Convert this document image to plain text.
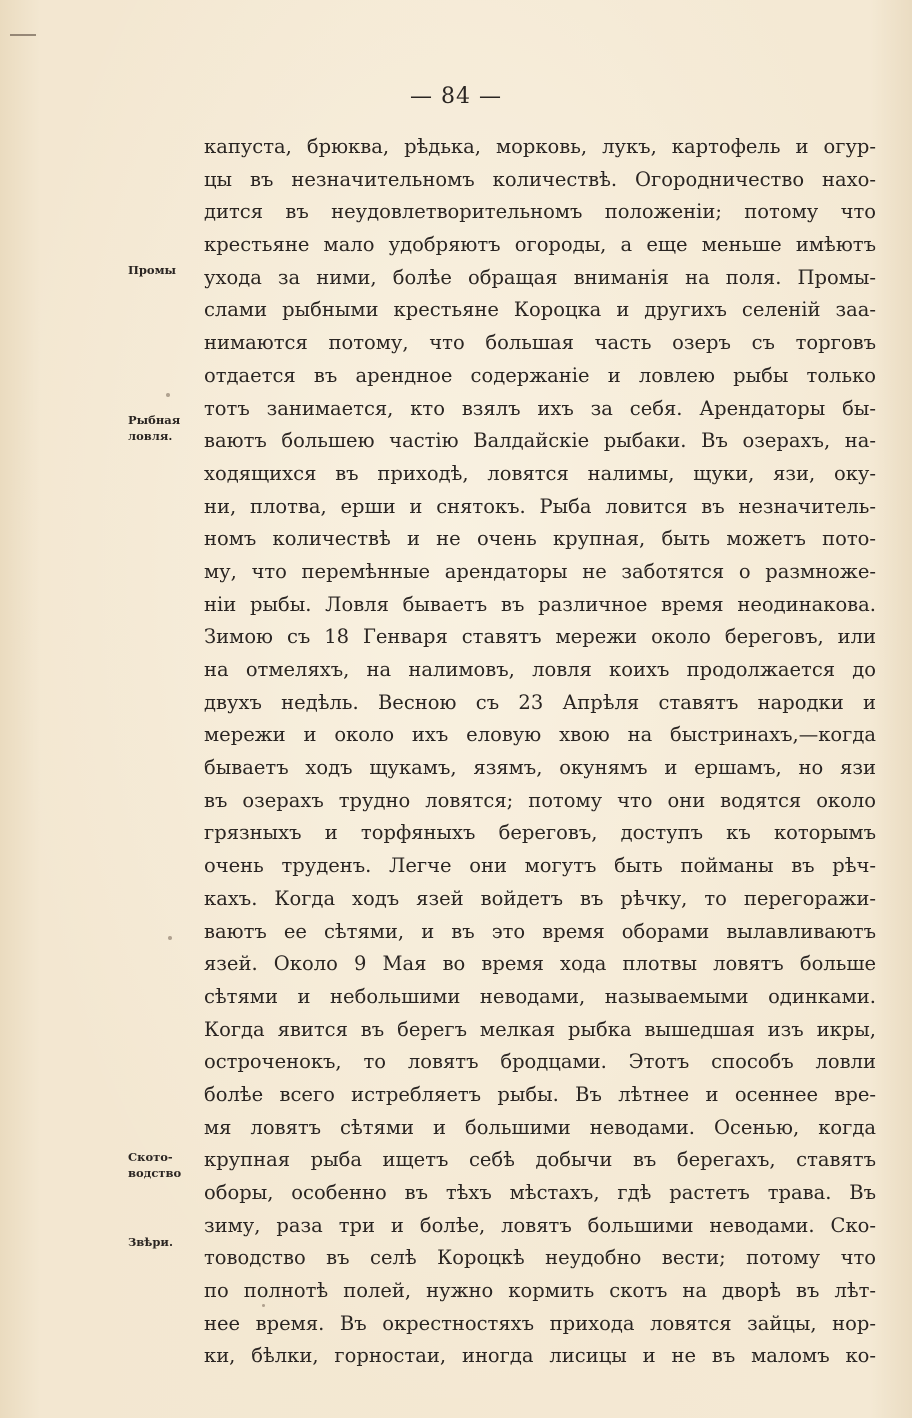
— 84 —
капуста, брюква, рѣдька, морковь, лукъ, картофель и огур-
цы въ незначительномъ количествѣ. Огородничество нахо-
дится въ неудовлетворительномъ положеніи; потому что
крестьяне мало удобряютъ огороды, а еще меньше имѣютъ
ухода за ними, болѣе обращая вниманія на поля. Промы-
слами рыбными крестьяне Короцка и другихъ селеній заа-
нимаются потому, что большая часть озеръ съ торговъ
отдается въ арендное содержаніе и ловлею рыбы только
тотъ занимается, кто взялъ ихъ за себя. Арендаторы бы-
ваютъ большею частію Валдайскіе рыбаки. Въ озерахъ, на-
ходящихся въ приходѣ, ловятся налимы, щуки, язи, оку-
ни, плотва, ерши и снятокъ. Рыба ловится въ незначитель-
номъ количествѣ и не очень крупная, быть можетъ пото-
му, что перемѣнные арендаторы не заботятся о размноже-
ніи рыбы. Ловля бываетъ въ различное время неодинакова.
Зимою съ 18 Генваря ставятъ мережи около береговъ, или
на отмеляхъ, на налимовъ, ловля коихъ продолжается до
двухъ недѣль. Весною съ 23 Апрѣля ставятъ народки и
мережи и около ихъ еловую хвою на быстринахъ,—когда
бываетъ ходъ щукамъ, язямъ, окунямъ и ершамъ, но язи
въ озерахъ трудно ловятся; потому что они водятся около
грязныхъ и торфяныхъ береговъ, доступъ къ которымъ
очень труденъ. Легче они могутъ быть пойманы въ рѣч-
кахъ. Когда ходъ язей войдетъ въ рѣчку, то перегоражи-
ваютъ ее сѣтями, и въ это время оборами вылавливаютъ
язей. Около 9 Мая во время хода плотвы ловятъ больше
сѣтями и небольшими неводами, называемыми одинками.
Когда явится въ берегъ мелкая рыбка вышедшая изъ икры,
остроченокъ, то ловятъ бродцами. Этотъ способъ ловли
болѣе всего истребляетъ рыбы. Въ лѣтнее и осеннее вре-
мя ловятъ сѣтями и большими неводами. Осенью, когда
крупная рыба ищетъ себѣ добычи въ берегахъ, ставятъ
оборы, особенно въ тѣхъ мѣстахъ, гдѣ растетъ трава. Въ
зиму, раза три и болѣе, ловятъ большими неводами. Ско-
товодство въ селѣ Короцкѣ неудобно вести; потому что
по полнотѣ полей, нужно кормить скотъ на дворѣ въ лѣт-
нее время. Въ окрестностяхъ прихода ловятся зайцы, нор-
ки, бѣлки, горностаи, иногда лисицы и не въ маломъ ко-
Промы
Рыбная
ловля.
Ското-
водство
Звѣри.
